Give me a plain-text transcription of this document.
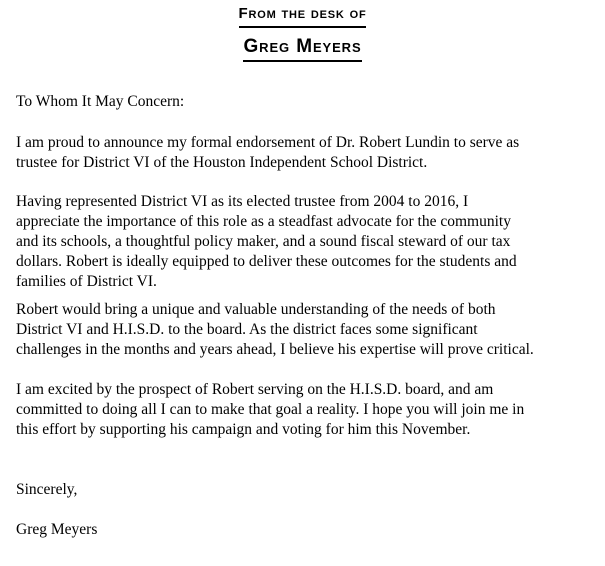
From the desk of
Greg Meyers

To Whom It May Concern:

I am proud to announce my formal endorsement of Dr. Robert Lundin to serve as

trustee for District VI of the Houston Independent School District.

Having represented District VI as its elected trustee from 2004 to 2016, I

appreciate the importance of this role as a steadfast advocate for the community

and its schools, a thoughtful policy maker, and a sound fiscal steward of our tax

dollars. Robert is ideally equipped to deliver these outcomes for the students and

families of District VI.

Robert would bring a unique and valuable understanding of the needs of both

District VI and H.I.S.D. to the board. As the district faces some significant

challenges in the months and years ahead, I believe his expertise will prove critical.

I am excited by the prospect of Robert serving on the H.I.S.D. board, and am

committed to doing all I can to make that goal a reality. I hope you will join me in

this effort by supporting his campaign and voting for him this November.

Sincerely,

Greg Meyers
